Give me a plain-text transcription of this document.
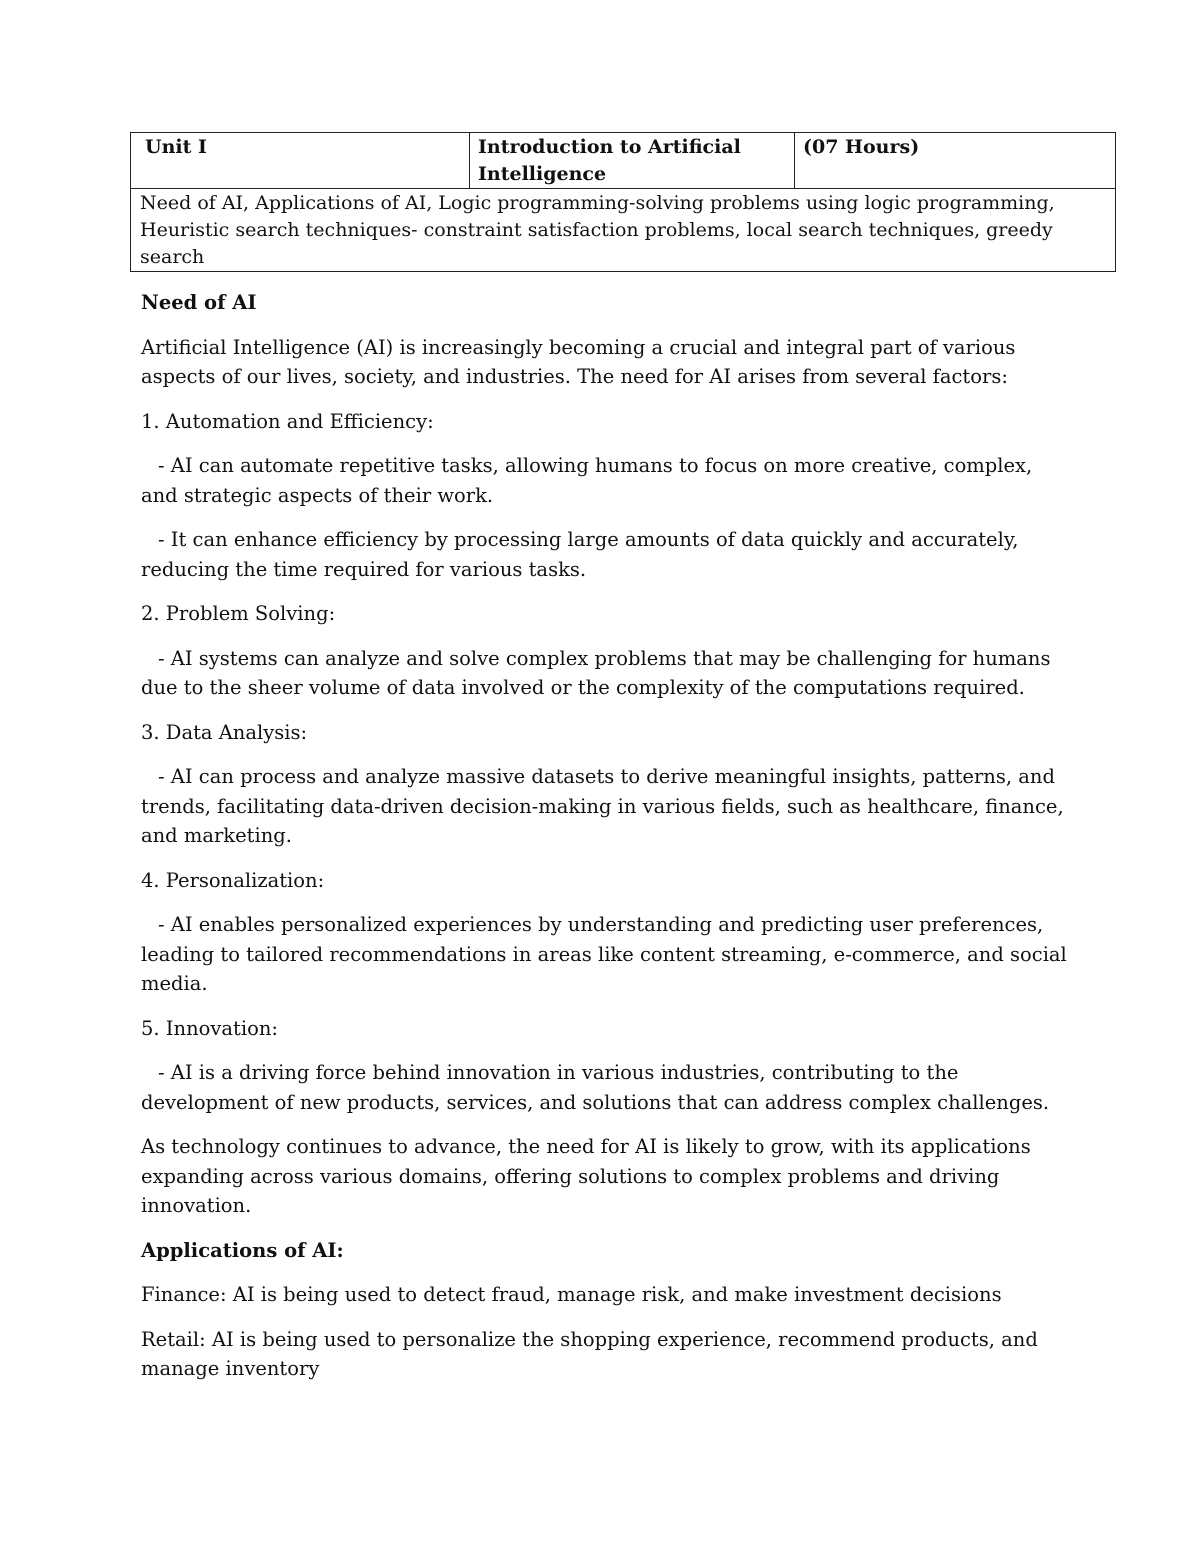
Unit I	Introduction to Artificial Intelligence	(07 Hours)
Need of AI, Applications of AI, Logic programming-solving problems using logic programming, Heuristic search techniques- constraint satisfaction problems, local search techniques, greedy search
Need of AI

Artificial Intelligence (AI) is increasingly becoming a crucial and integral part of various aspects of our lives, society, and industries. The need for AI arises from several factors:

1. Automation and Efficiency:

- AI can automate repetitive tasks, allowing humans to focus on more creative, complex, and strategic aspects of their work.

- It can enhance efficiency by processing large amounts of data quickly and accurately, reducing the time required for various tasks.

2. Problem Solving:

- AI systems can analyze and solve complex problems that may be challenging for humans due to the sheer volume of data involved or the complexity of the computations required.

3. Data Analysis:

- AI can process and analyze massive datasets to derive meaningful insights, patterns, and trends, facilitating data-driven decision-making in various fields, such as healthcare, finance, and marketing.

4. Personalization:

- AI enables personalized experiences by understanding and predicting user preferences, leading to tailored recommendations in areas like content streaming, e-commerce, and social media.

5. Innovation:

- AI is a driving force behind innovation in various industries, contributing to the development of new products, services, and solutions that can address complex challenges.

As technology continues to advance, the need for AI is likely to grow, with its applications expanding across various domains, offering solutions to complex problems and driving innovation.

Applications of AI:

Finance: AI is being used to detect fraud, manage risk, and make investment decisions

Retail: AI is being used to personalize the shopping experience, recommend products, and manage inventory
